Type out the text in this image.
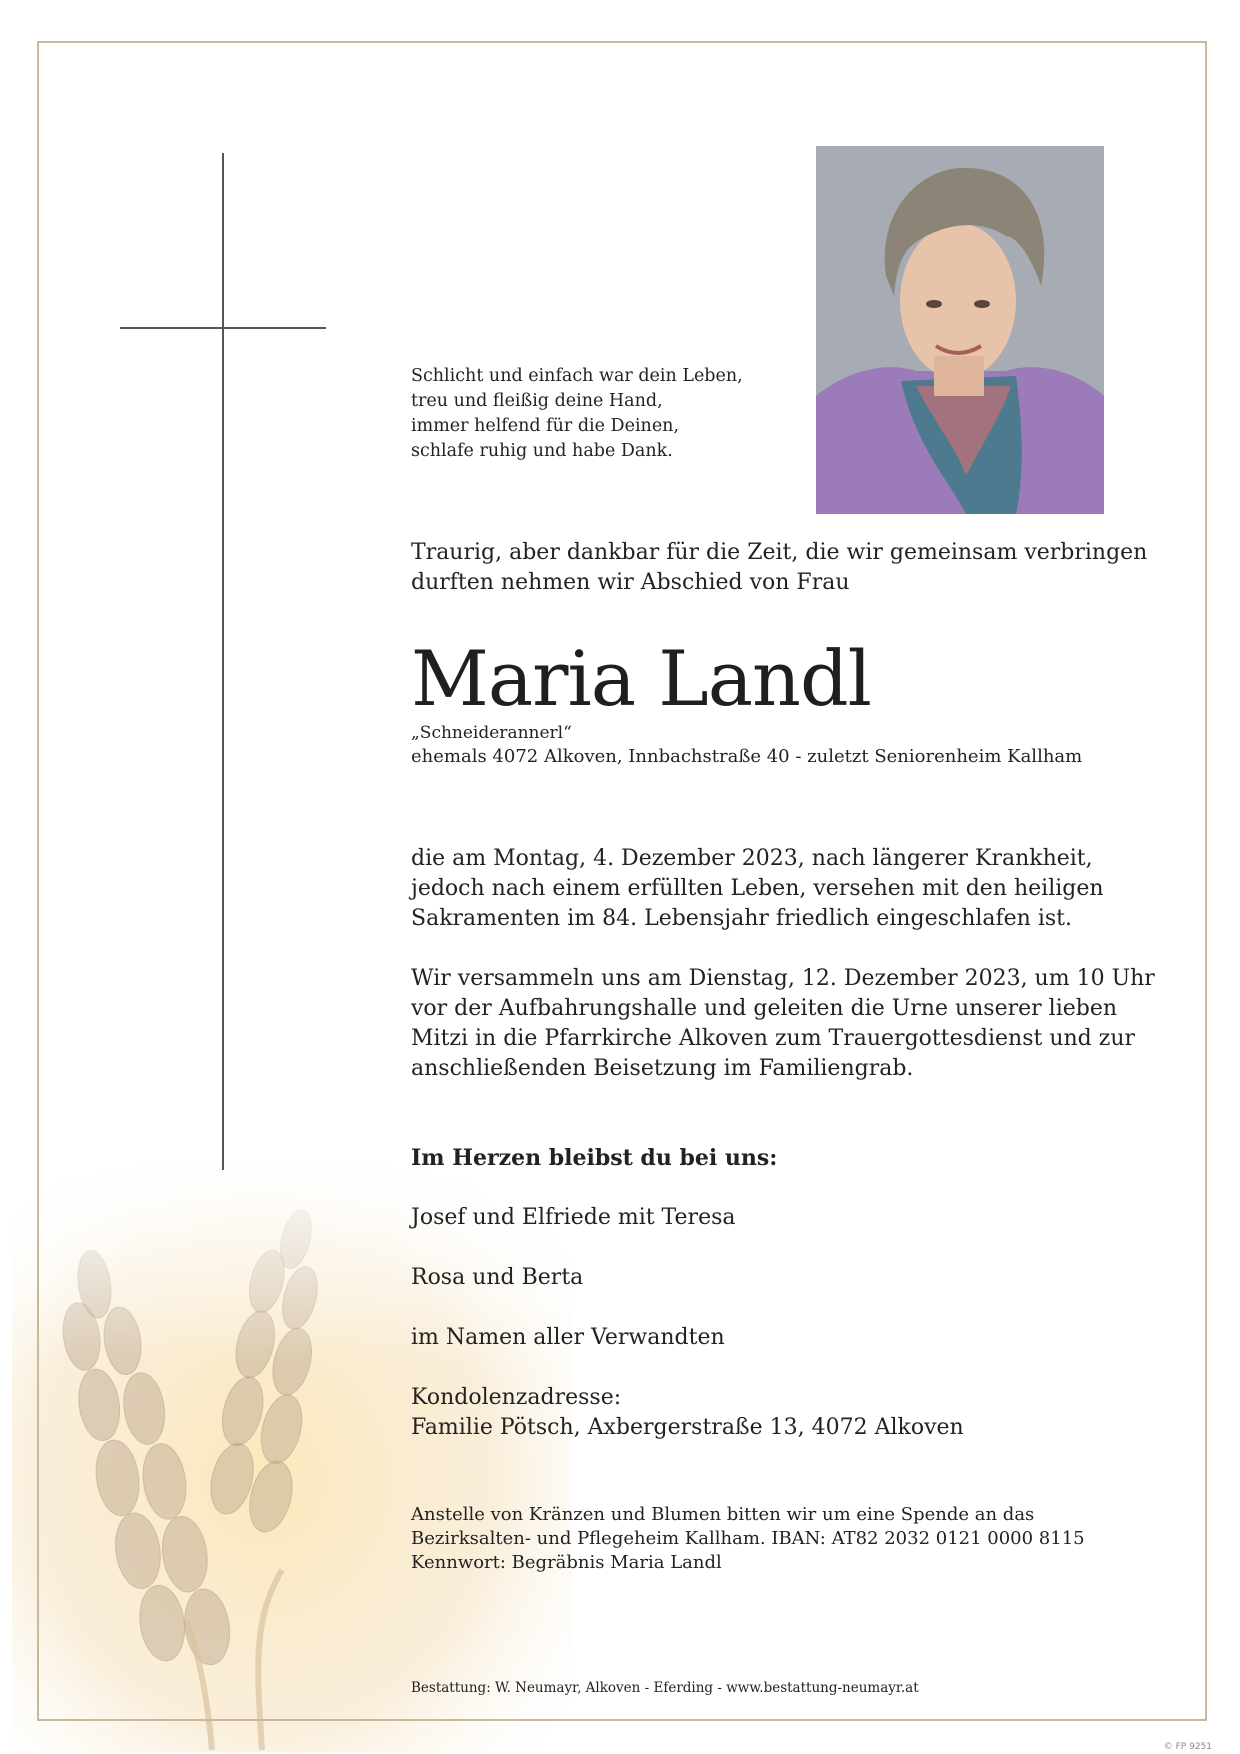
Schlicht und einfach war dein Leben,
treu und fleißig deine Hand,
immer helfend für die Deinen,
schlafe ruhig und habe Dank.
Traurig, aber dankbar für die Zeit, die wir gemeinsam verbringen
durften nehmen wir Abschied von Frau
Maria Landl
„Schneiderannerl“
ehemals 4072 Alkoven, Innbachstraße 40 - zuletzt Seniorenheim Kallham
die am Montag, 4. Dezember 2023, nach längerer Krankheit,
jedoch nach einem erfüllten Leben, versehen mit den heiligen
Sakramenten im 84. Lebensjahr friedlich eingeschlafen ist.
Wir versammeln uns am Dienstag, 12. Dezember 2023, um 10 Uhr
vor der Aufbahrungshalle und geleiten die Urne unserer lieben
Mitzi in die Pfarrkirche Alkoven zum Trauergottesdienst und zur
anschließenden Beisetzung im Familiengrab.
Im Herzen bleibst du bei uns:
Josef und Elfriede mit Teresa
Rosa und Berta
im Namen aller Verwandten
Kondolenzadresse:
Familie Pötsch, Axbergerstraße 13, 4072 Alkoven
Anstelle von Kränzen und Blumen bitten wir um eine Spende an das
Bezirksalten- und Pflegeheim Kallham. IBAN: AT82 2032 0121 0000 8115
Kennwort: Begräbnis Maria Landl
Bestattung: W. Neumayr, Alkoven - Eferding - www.bestattung-neumayr.at
© FP 9251
